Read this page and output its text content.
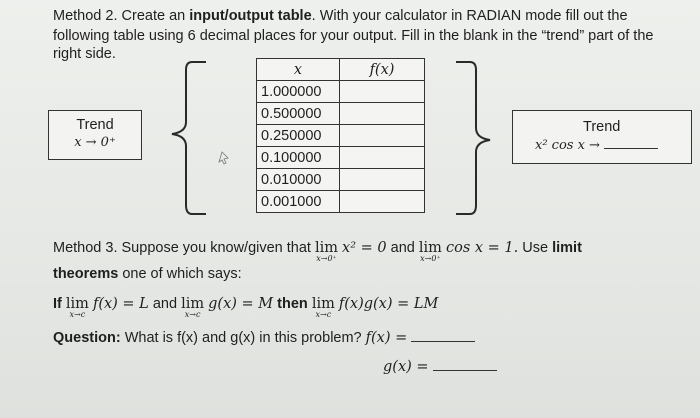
Method 2. Create an input/output table. With your calculator in RADIAN mode fill out the
following table using 6 decimal places for your output. Fill in the blank in the “trend” part of the
right side.
Trend
x → 0⁺
x	f(x)
1.000000	
0.500000	
0.250000	
0.100000	
0.010000	
0.001000	
Trend
x² cos x →
Method 3. Suppose you know/given that lim
x→0⁺
x² = 0 and lim
x→0⁺
cos x = 1. Use limit
theorems one of which says:
If lim
x→c
f(x) = L and lim
x→c
g(x) = M then lim
x→c
f(x)g(x) = LM
Question: What is f(x) and g(x) in this problem? f(x) =
g(x) =
